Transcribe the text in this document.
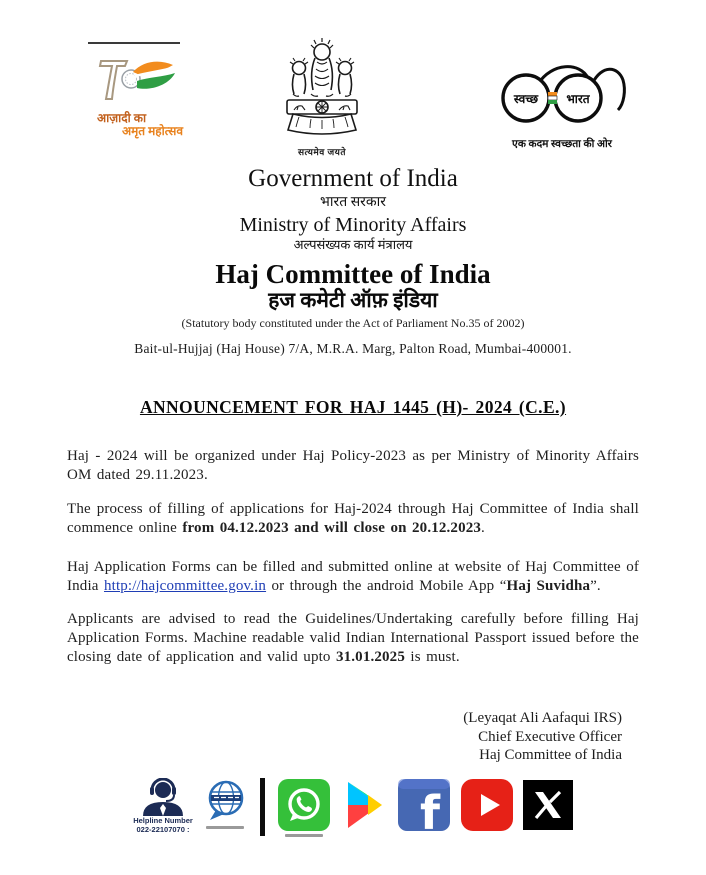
आज़ादी का
अमृत महोत्सव
सत्यमेव जयते
स्वच्छ भारत
एक कदम स्वच्छता की ओर
Government of India
भारत सरकार
Ministry of Minority Affairs
अल्पसंख्यक कार्य मंत्रालय
Haj Committee of India
हज कमेटी ऑफ़ इंडिया
(Statutory body constituted under the Act of Parliament No.35 of 2002)
Bait-ul-Hujjaj (Haj House) 7/A, M.R.A. Marg, Palton Road, Mumbai-400001.
ANNOUNCEMENT FOR HAJ 1445 (H)- 2024 (C.E.)

Haj - 2024 will be organized under Haj Policy-2023 as per Ministry of Minority Affairs OM dated 29.11.2023.

The process of filling of applications for Haj-2024 through Haj Committee of India shall commence online from 04.12.2023 and will close on 20.12.2023.

Haj Application Forms can be filled and submitted online at website of Haj Committee of India http://hajcommittee.gov.in or through the android Mobile App “Haj Suvidha”.

Applicants are advised to read the Guidelines/Undertaking carefully before filling Haj Application Forms. Machine readable valid Indian International Passport issued before the closing date of application and valid upto 31.01.2025 is must.

(Leyaqat Ali Aafaqui IRS)
Chief Executive Officer
Haj Committee of India
Helpline Number
022-22107070 :	f
